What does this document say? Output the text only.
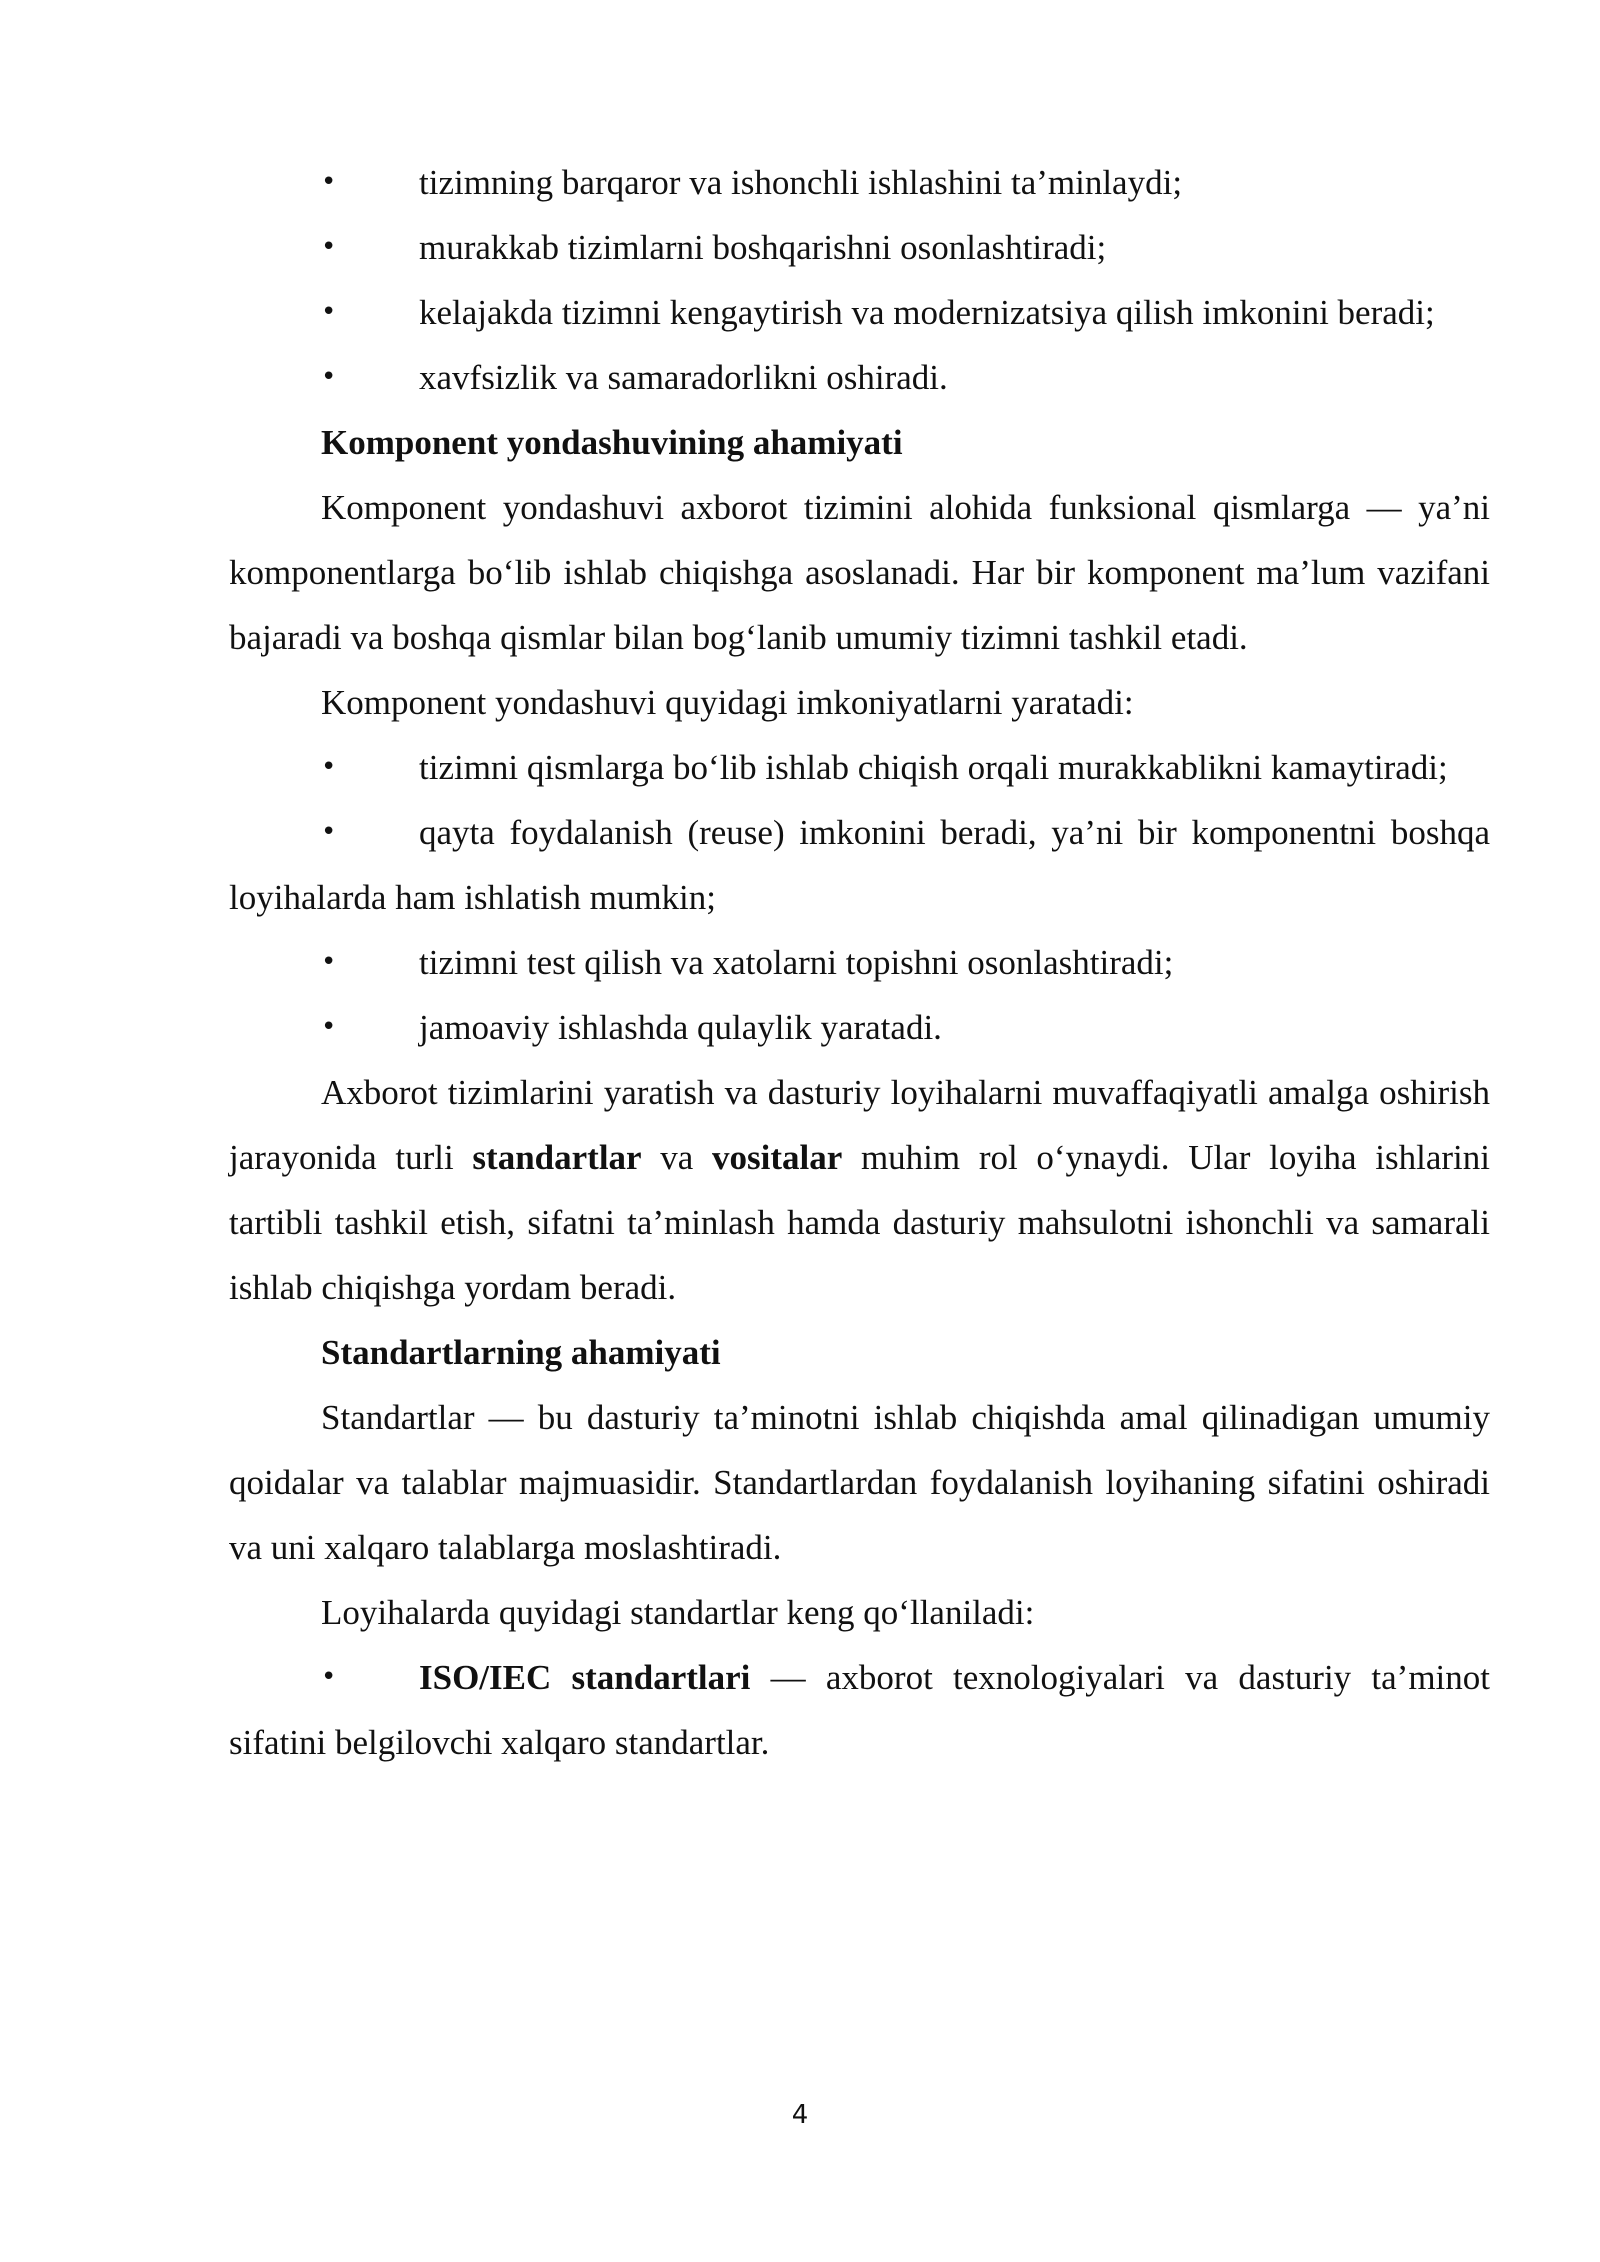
• tizimning barqaror va ishonchli ishlashini ta’minlaydi;

• murakkab tizimlarni boshqarishni osonlashtiradi;

• kelajakda tizimni kengaytirish va modernizatsiya qilish imkonini beradi;

• xavfsizlik va samaradorlikni oshiradi.

Komponent yondashuvining ahamiyati

Komponent yondashuvi axborot tizimini alohida funksional qismlarga — ya’ni komponentlarga bo‘lib ishlab chiqishga asoslanadi. Har bir komponent ma’lum vazifani bajaradi va boshqa qismlar bilan bog‘lanib umumiy tizimni tashkil etadi.

Komponent yondashuvi quyidagi imkoniyatlarni yaratadi:

• tizimni qismlarga bo‘lib ishlab chiqish orqali murakkablikni kamaytiradi;

• qayta foydalanish (reuse) imkonini beradi, ya’ni bir komponentni boshqa loyihalarda ham ishlatish mumkin;

• tizimni test qilish va xatolarni topishni osonlashtiradi;

• jamoaviy ishlashda qulaylik yaratadi.

Axborot tizimlarini yaratish va dasturiy loyihalarni muvaffaqiyatli amalga oshirish jarayonida turli standartlar va vositalar muhim rol o‘ynaydi. Ular loyiha ishlarini tartibli tashkil etish, sifatni ta’minlash hamda dasturiy mahsulotni ishonchli va samarali ishlab chiqishga yordam beradi.

Standartlarning ahamiyati

Standartlar — bu dasturiy ta’minotni ishlab chiqishda amal qilinadigan umumiy qoidalar va talablar majmuasidir. Standartlardan foydalanish loyihaning sifatini oshiradi va uni xalqaro talablarga moslashtiradi.

Loyihalarda quyidagi standartlar keng qo‘llaniladi:

• ISO/IEC standartlari — axborot texnologiyalari va dasturiy ta’minot sifatini belgilovchi xalqaro standartlar.

4
